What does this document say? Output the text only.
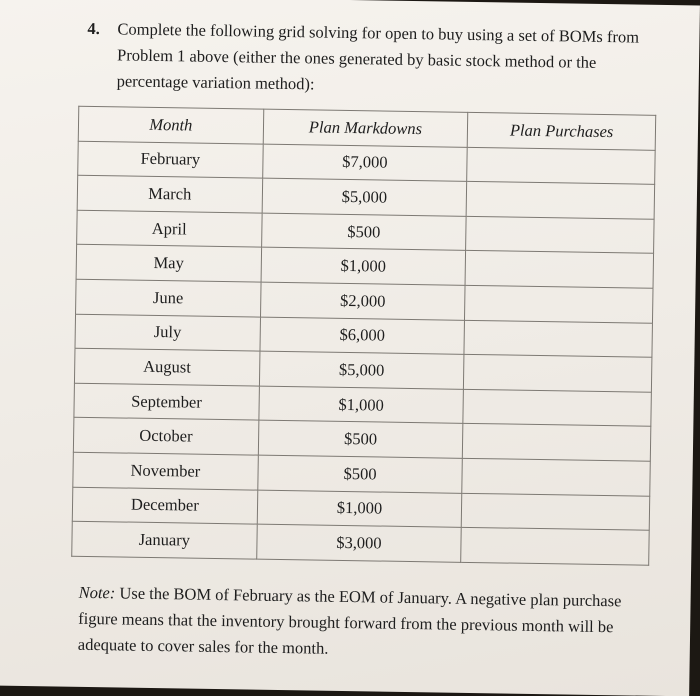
4. Complete the following grid solving for open to buy using a set of BOMs from Problem 1 above (either the ones generated by basic stock method or the percentage variation method):
Month	Plan Markdowns	Plan Purchases
February	$7,000	
March	$5,000	
April	$500	
May	$1,000	
June	$2,000	
July	$6,000	
August	$5,000	
September	$1,000	
October	$500	
November	$500	
December	$1,000	
January	$3,000	
Note: Use the BOM of February as the EOM of January. A negative plan purchase figure means that the inventory brought forward from the previous month will be adequate to cover sales for the month.
